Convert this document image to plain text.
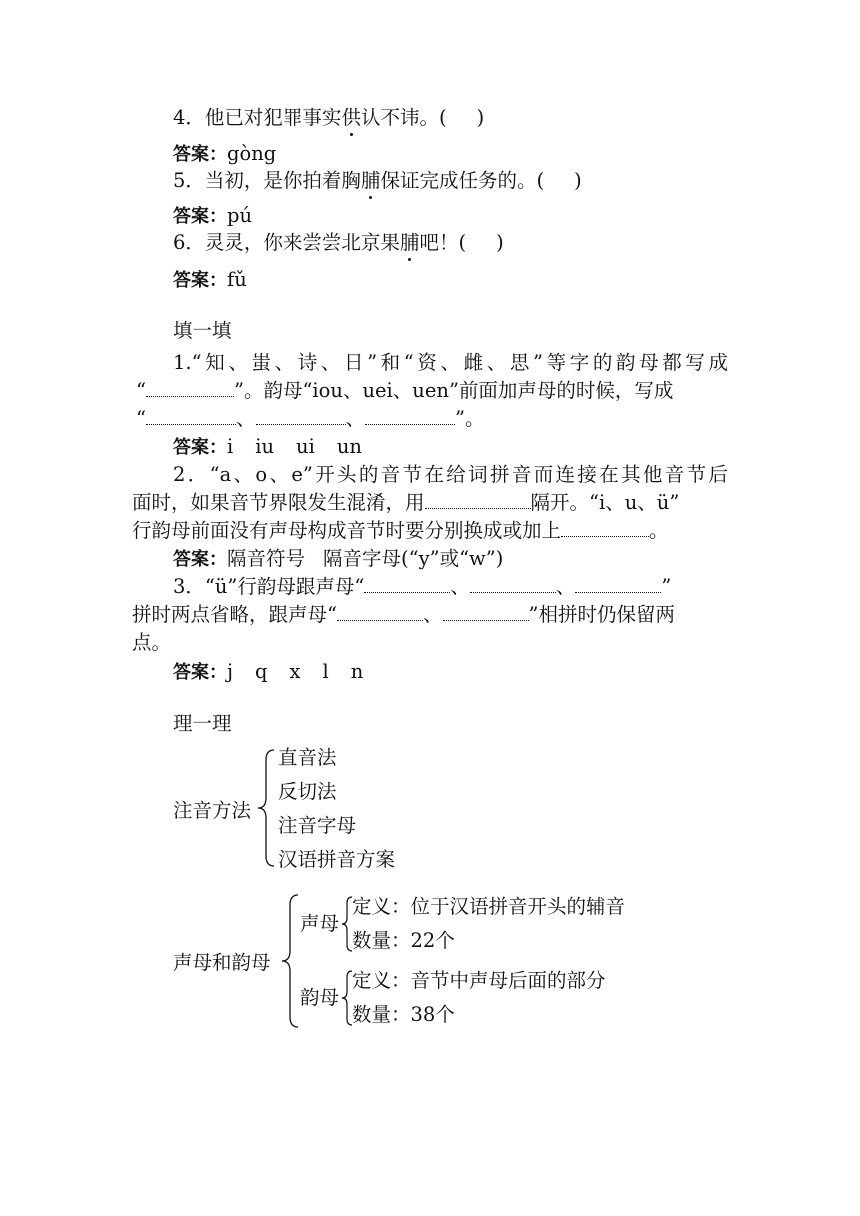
4．他已对犯罪事实供认不讳。( )
答案：gòng
5．当初，是你拍着胸脯保证完成任务的。( )
答案：pú
6．灵灵，你来尝尝北京果脯吧！( )
答案：fǔ
填一填
1.“知、蚩、诗、日”和“资、雌、思”等字的韵母都写成
“	”。韵母“iou、uei、uen”前面加声母的时候，写成
“	、	、	”。
答案：i iu ui un
2．“a、o、e”开头的音节在给词拼音而连接在其他音节后
面时，如果音节界限发生混淆，用	隔开。“i、u、ü”
行韵母前面没有声母构成音节时要分别换成或加上	。
答案：隔音符号 隔音字母(“y”或“w”)
3．“ü”行韵母跟声母“	、	、	”
拼时两点省略，跟声母“	、	”相拼时仍保留两
点。
答案：j q x l n
理一理
注音方法
直音法
反切法
注音字母
汉语拼音方案
声母和韵母
声母
定义：位于汉语拼音开头的辅音
数量：22个
韵母
定义：音节中声母后面的部分
数量：38个
